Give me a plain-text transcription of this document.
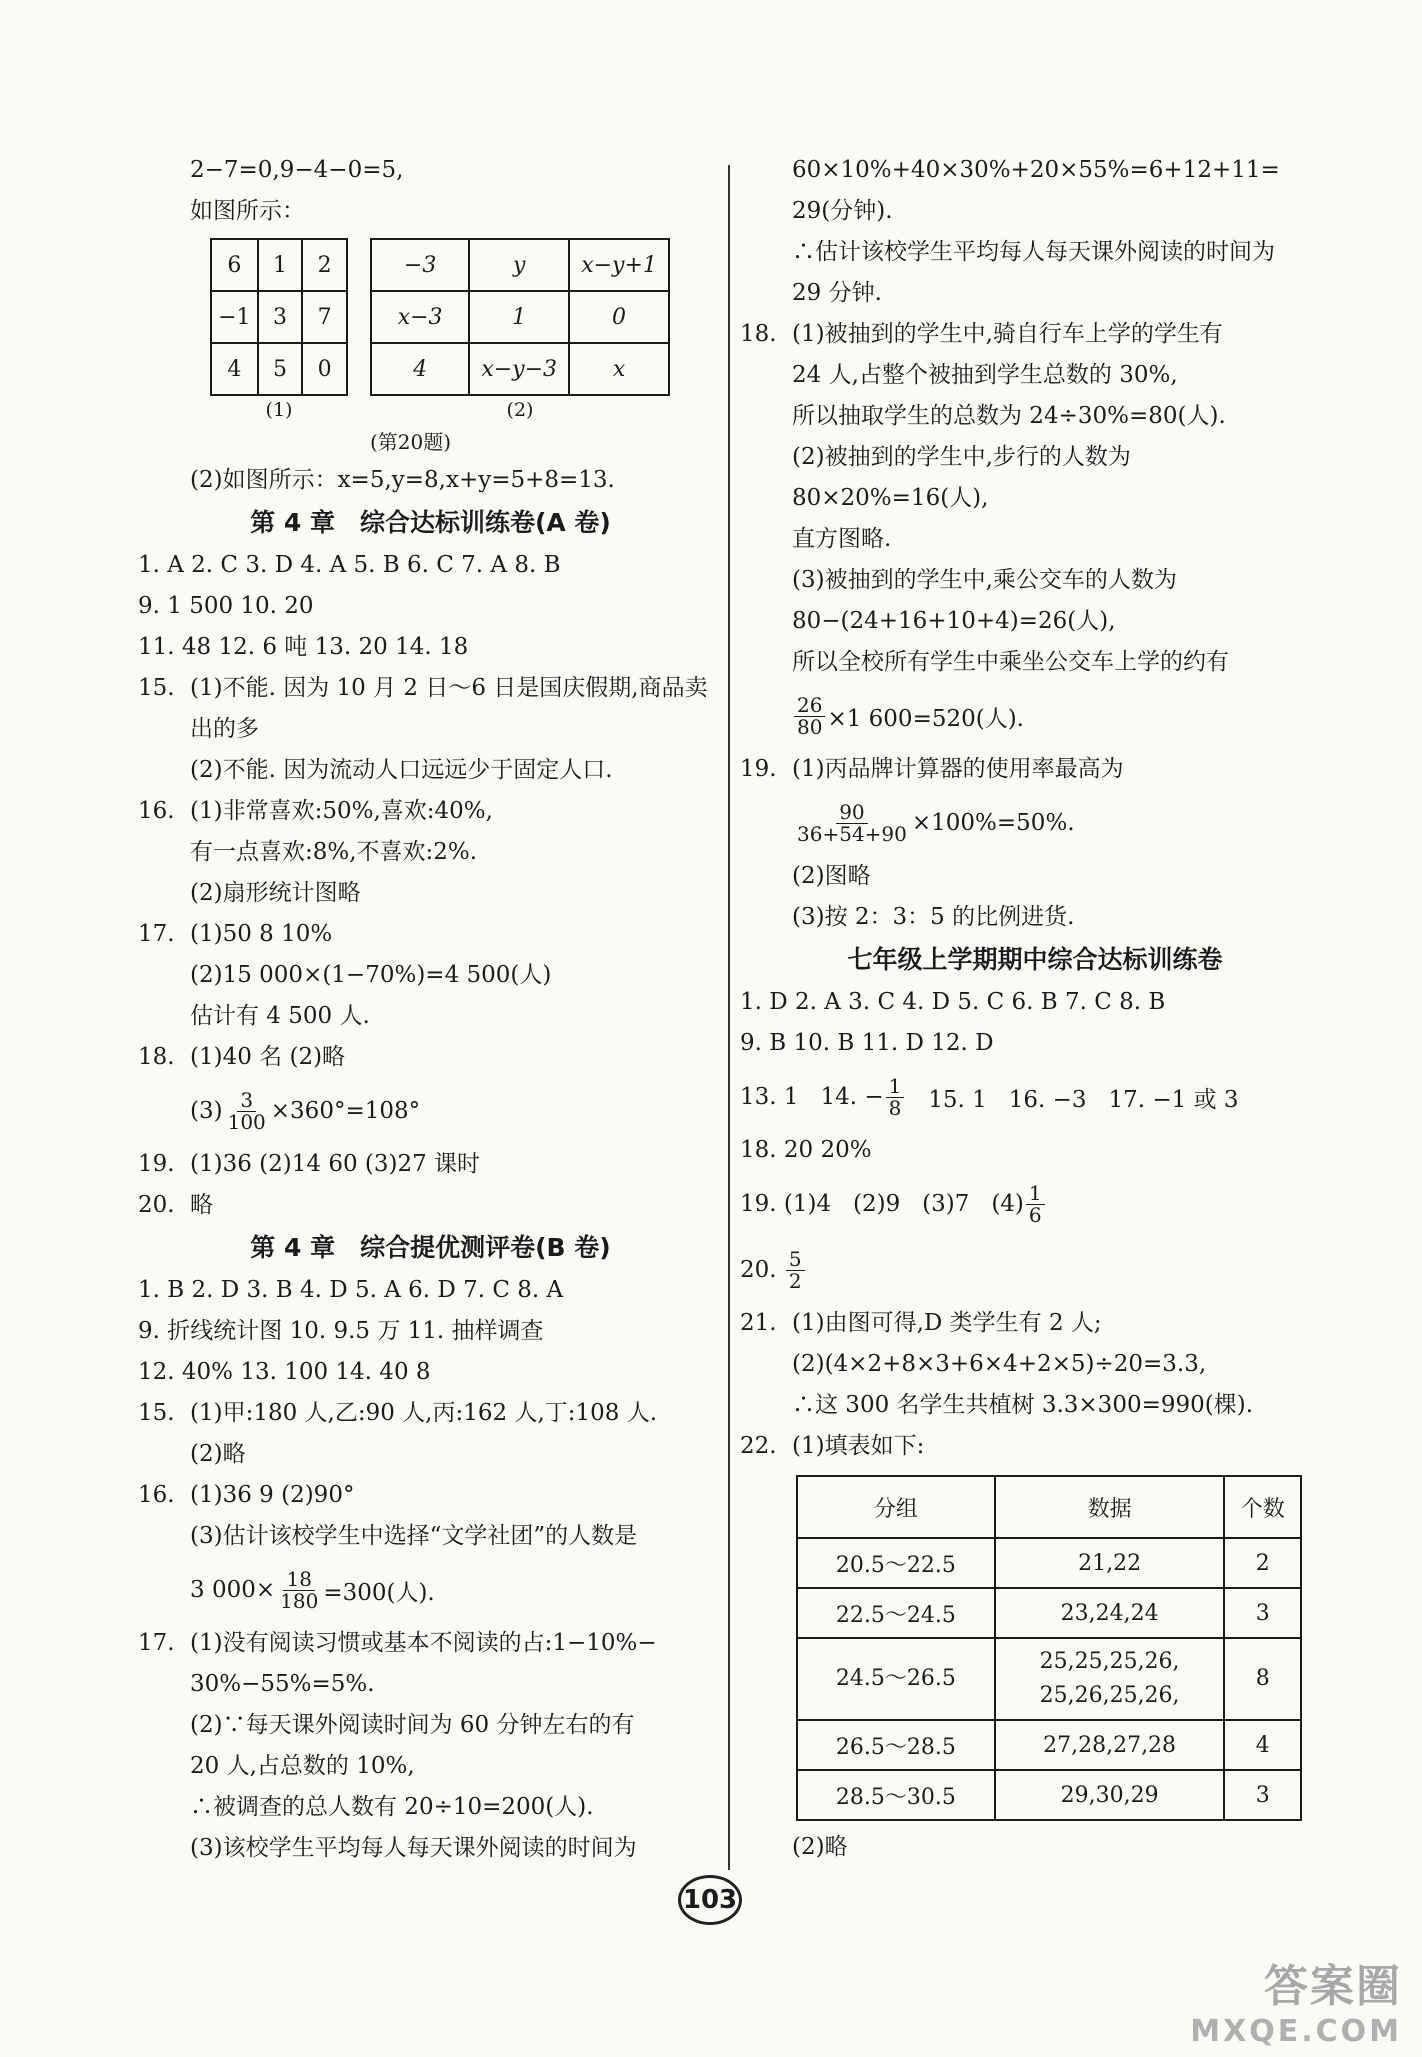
2−7=0,9−4−0=5,
如图所示：
6	1	2
−1	3	7
4	5	0
(1)
−3	y	x−y+1
x−3	1	0
4	x−y−3	x
(2)
(第20题)
(2)如图所示：x=5,y=8,x+y=5+8=13.
第 4 章　综合达标训练卷(A 卷)
1. A 2. C 3. D 4. A 5. B 6. C 7. A 8. B
9. 1 500 10. 20
11. 48 12. 6 吨 13. 20 14. 18
15. (1)不能. 因为 10 月 2 日～6 日是国庆假期,商品卖
出的多
(2)不能. 因为流动人口远远少于固定人口.
16. (1)非常喜欢:50%,喜欢:40%,
有一点喜欢:8%,不喜欢:2%.
(2)扇形统计图略
17. (1)50 8 10%
(2)15 000×(1−70%)=4 500(人)
估计有 4 500 人.
18. (1)40 名 (2)略
$(3) \frac{3}{100} \times 360^\circ=108^\circ$
19. (1)36 (2)14 60 (3)27 课时
20. 略
第 4 章　综合提优测评卷(B 卷)
1. B 2. D 3. B 4. D 5. A 6. D 7. C 8. A
9. 折线统计图 10. 9.5 万 11. 抽样调查
12. 40% 13. 100 14. 40 8
15. (1)甲:180 人,乙:90 人,丙:162 人,丁:108 人.
(2)略
16. (1)36 9 (2)90°
(3)估计该校学生中选择“文学社团”的人数是
3 $000\times \frac{18}{180} =300$(人).
17. (1)没有阅读习惯或基本不阅读的占:1−10%−
30%−55%=5%.
(2)∵每天课外阅读时间为 60 分钟左右的有
20 人,占总数的 10%,
∴被调查的总人数有 20÷10=200(人).
(3)该校学生平均每人每天课外阅读的时间为
60×10%+40×30%+20×55%=6+12+11=
29(分钟).
∴估计该校学生平均每人每天课外阅读的时间为
29 分钟.
18. (1)被抽到的学生中,骑自行车上学的学生有
24 人,占整个被抽到学生总数的 30%,
所以抽取学生的总数为 24÷30%=80(人).
(2)被抽到的学生中,步行的人数为
80×20%=16(人),
直方图略.
(3)被抽到的学生中,乘公交车的人数为
80−(24+16+10+4)=26(人),
所以全校所有学生中乘坐公交车上学的约有
$\frac{26}{80} \times 1$ 600=520(人).
19. (1)丙品牌计算器的使用率最高为
$\frac{90}{36+54+90} \times 100\%=50\%$.
(2)图略
(3)按 2：3：5 的比例进货.
七年级上学期期中综合达标训练卷
1. D 2. A 3. C 4. D 5. C 6. B 7. C 8. B
9. B 10. B 11. D 12. D
13. 1   14. − $\frac{1}{8} 15$. 1   16. −3   17. −1 或 3
18. 20 20%
19. (1)4   (2)9   (3)7   $(4) \frac{1}{6}$
20. $\frac{5}{2}$
21. (1)由图可得,D 类学生有 2 人;
(2)(4×2+8×3+6×4+2×5)÷20=3.3,
∴这 300 名学生共植树 3.3×300=990(棵).
22. (1)填表如下:
分组	数据	个数
20.5～22.5	21,22	2
22.5～24.5	23,24,24	3
24.5～26.5	25,25,25,26,
25,26,25,26,	8
26.5～28.5	27,28,27,28	4
28.5～30.5	29,30,29	3
(2)略
103
答案圈
MXQE.COM
